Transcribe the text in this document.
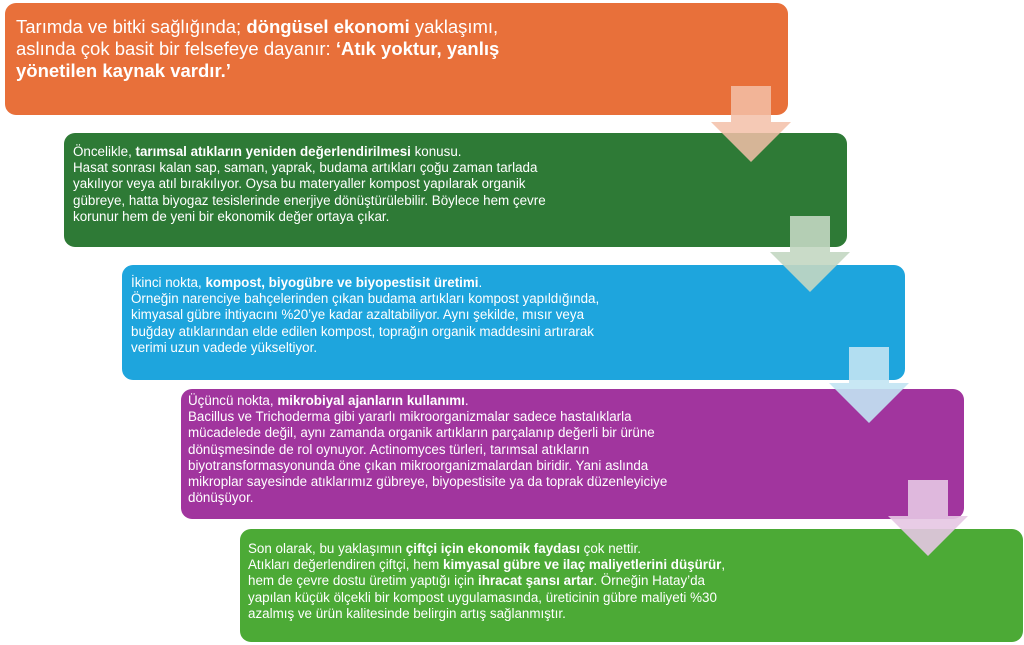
Tarımda ve bitki sağlığında; döngüsel ekonomi yaklaşımı,
aslında çok basit bir felsefeye dayanır: ‘Atık yoktur, yanlış
yönetilen kaynak vardır.’
Öncelikle, tarımsal atıkların yeniden değerlendirilmesi konusu.
Hasat sonrası kalan sap, saman, yaprak, budama artıkları çoğu zaman tarlada
yakılıyor veya atıl bırakılıyor. Oysa bu materyaller kompost yapılarak organik
gübreye, hatta biyogaz tesislerinde enerjiye dönüştürülebilir. Böylece hem çevre
korunur hem de yeni bir ekonomik değer ortaya çıkar.
İkinci nokta, kompost, biyogübre ve biyopestisit üretimi.
Örneğin narenciye bahçelerinden çıkan budama artıkları kompost yapıldığında,
kimyasal gübre ihtiyacını %20’ye kadar azaltabiliyor. Aynı şekilde, mısır veya
buğday atıklarından elde edilen kompost, toprağın organik maddesini artırarak
verimi uzun vadede yükseltiyor.
Üçüncü nokta, mikrobiyal ajanların kullanımı.
Bacillus ve Trichoderma gibi yararlı mikroorganizmalar sadece hastalıklarla
mücadelede değil, aynı zamanda organik artıkların parçalanıp değerli bir ürüne
dönüşmesinde de rol oynuyor. Actinomyces türleri, tarımsal atıkların
biyotransformasyonunda öne çıkan mikroorganizmalardan biridir. Yani aslında
mikroplar sayesinde atıklarımız gübreye, biyopestisite ya da toprak düzenleyiciye
dönüşüyor.
Son olarak, bu yaklaşımın çiftçi için ekonomik faydası çok nettir.
Atıkları değerlendiren çiftçi, hem kimyasal gübre ve ilaç maliyetlerini düşürür,
hem de çevre dostu üretim yaptığı için ihracat şansı artar. Örneğin Hatay’da
yapılan küçük ölçekli bir kompost uygulamasında, üreticinin gübre maliyeti %30
azalmış ve ürün kalitesinde belirgin artış sağlanmıştır.
